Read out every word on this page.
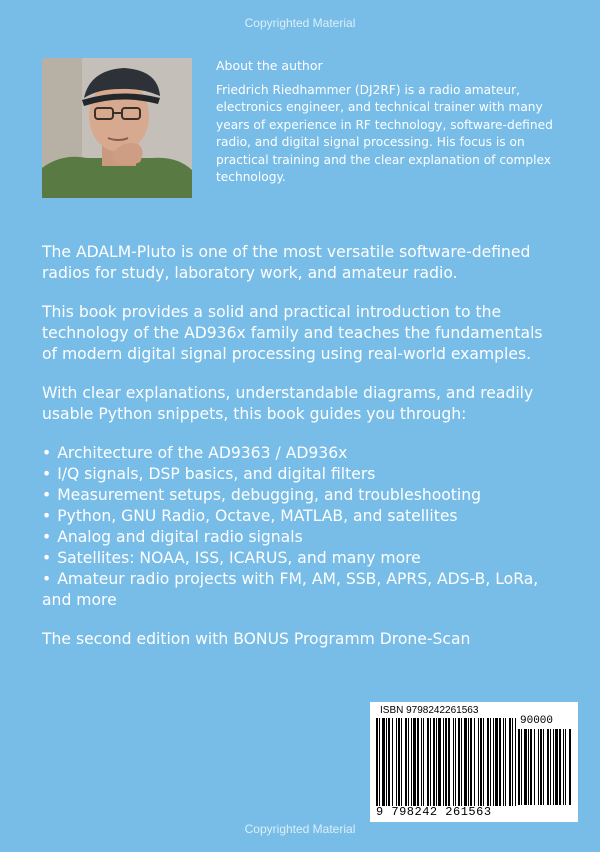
Copyrighted Material
About the author
Friedrich Riedhammer (DJ2RF) is a radio amateur, electronics engineer, and technical trainer with many years of experience in RF technology, software-defined radio, and digital signal processing. His focus is on practical training and the clear explanation of complex technology.

The ADALM-Pluto is one of the most versatile software-defined radios for study, laboratory work, and amateur radio.

This book provides a solid and practical introduction to the technology of the AD936x family and teaches the fundamentals of modern digital signal processing using real-world examples.

With clear explanations, understandable diagrams, and readily usable Python snippets, this book guides you through:

• Architecture of the AD9363 / AD936x
• I/Q signals, DSP basics, and digital filters
• Measurement setups, debugging, and troubleshooting
• Python, GNU Radio, Octave, MATLAB, and satellites
• Analog and digital radio signals
• Satellites: NOAA, ISS, ICARUS, and many more
• Amateur radio projects with FM, AM, SSB, APRS, ADS-B, LoRa, and more

The second edition with BONUS Programm Drone-Scan

ISBN 9798242261563
90000
9 798242 261563
Copyrighted Material
